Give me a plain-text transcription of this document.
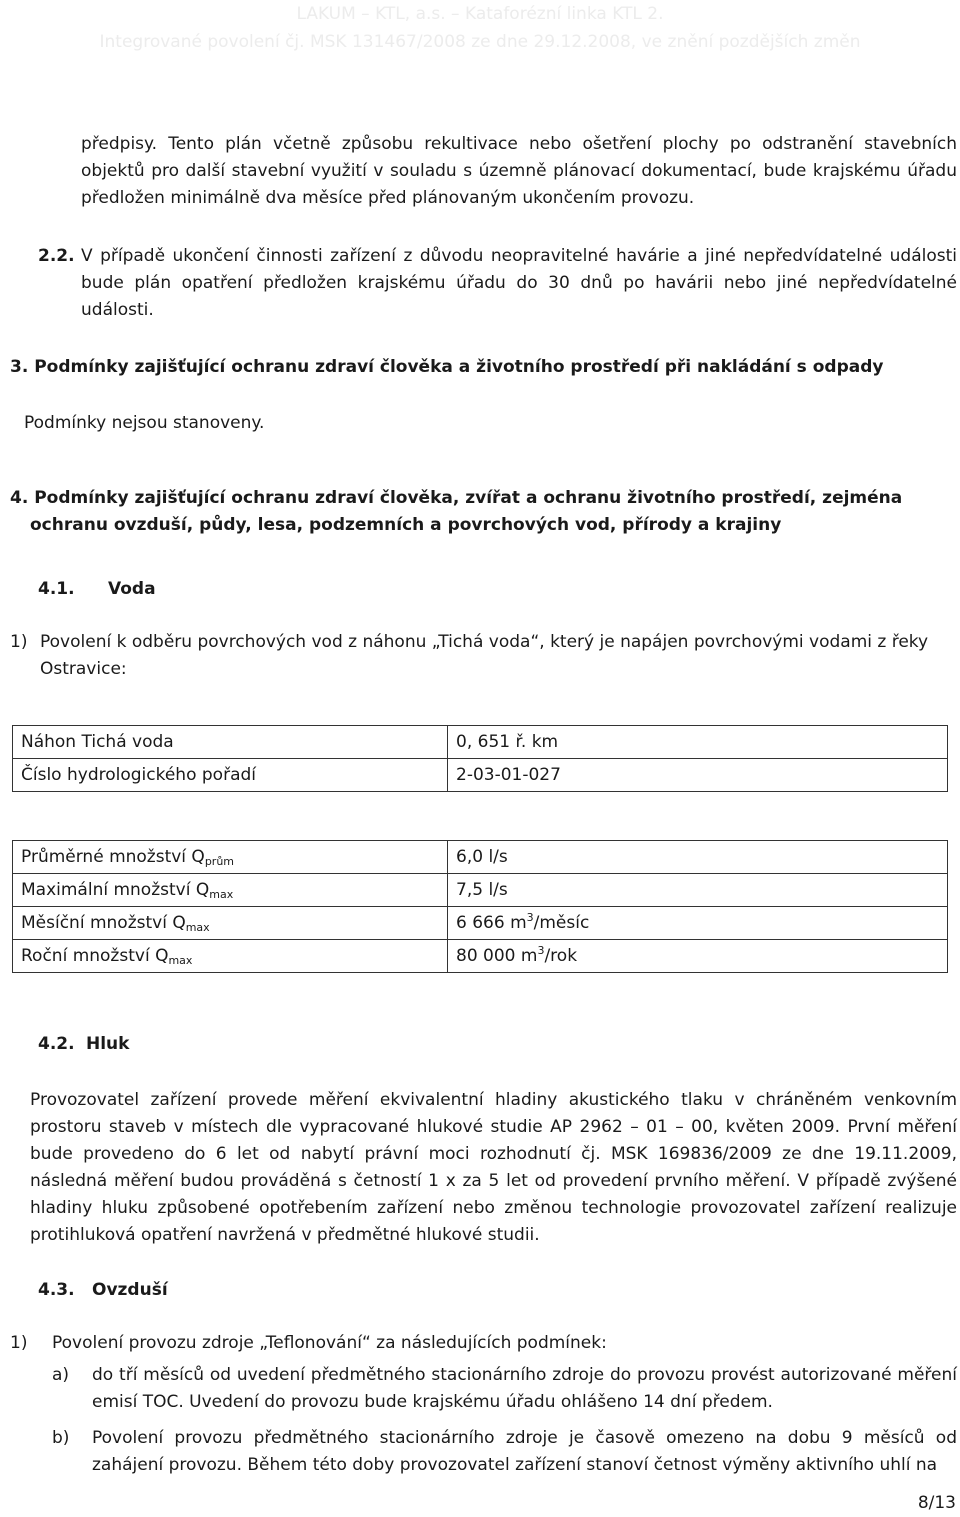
LAKUM – KTL, a.s. – Kataforézní linka KTL 2.
Integrované povolení čj. MSK 131467/2008 ze dne 29.12.2008, ve znění pozdějších změn
předpisy. Tento plán včetně způsobu rekultivace nebo ošetření plochy po odstranění stavebních objektů pro další stavební využití v souladu s územně plánovací dokumentací, bude krajskému úřadu předložen minimálně dva měsíce před plánovaným ukončením provozu.
2.2. V případě ukončení činnosti zařízení z důvodu neopravitelné havárie a jiné nepředvídatelné události bude plán opatření předložen krajskému úřadu do 30 dnů po havárii nebo jiné nepředvídatelné události.
3. Podmínky zajišťující ochranu zdraví člověka a životního prostředí při nakládání s odpady
Podmínky nejsou stanoveny.
4. Podmínky zajišťující ochranu zdraví člověka, zvířat a ochranu životního prostředí, zejména
ochranu ovzduší, půdy, lesa, podzemních a povrchových vod, přírody a krajiny
4.1. Voda
1) Povolení k odběru povrchových vod z náhonu „Tichá voda“, který je napájen povrchovými vodami z řeky Ostravice:
Náhon Tichá voda	0, 651 ř. km
Číslo hydrologického pořadí	2-03-01-027
Průměrné množství Qprům	6,0 l/s
Maximální množství Qmax	7,5 l/s
Měsíční množství Qmax	6 666 $m^3$/měsíc
Roční množství Qmax	80 000 $m^3$/rok
4.2. Hluk
Provozovatel zařízení provede měření ekvivalentní hladiny akustického tlaku v chráněném venkovním prostoru staveb v místech dle vypracované hlukové studie AP 2962 – 01 – 00, květen 2009. První měření bude provedeno do 6 let od nabytí právní moci rozhodnutí čj. MSK 169836/2009 ze dne 19.11.2009, následná měření budou prováděná s četností 1 x za 5 let od provedení prvního měření. V případě zvýšené hladiny hluku způsobené opotřebením zařízení nebo změnou technologie provozovatel zařízení realizuje protihluková opatření navržená v předmětné hlukové studii.
4.3. Ovzduší
1) Povolení provozu zdroje „Teflonování“ za následujících podmínek:
a) do tří měsíců od uvedení předmětného stacionárního zdroje do provozu provést autorizované měření emisí TOC. Uvedení do provozu bude krajskému úřadu ohlášeno 14 dní předem.
b) Povolení provozu předmětného stacionárního zdroje je časově omezeno na dobu 9 měsíců od zahájení provozu. Během této doby provozovatel zařízení stanoví četnost výměny aktivního uhlí na
8/13
